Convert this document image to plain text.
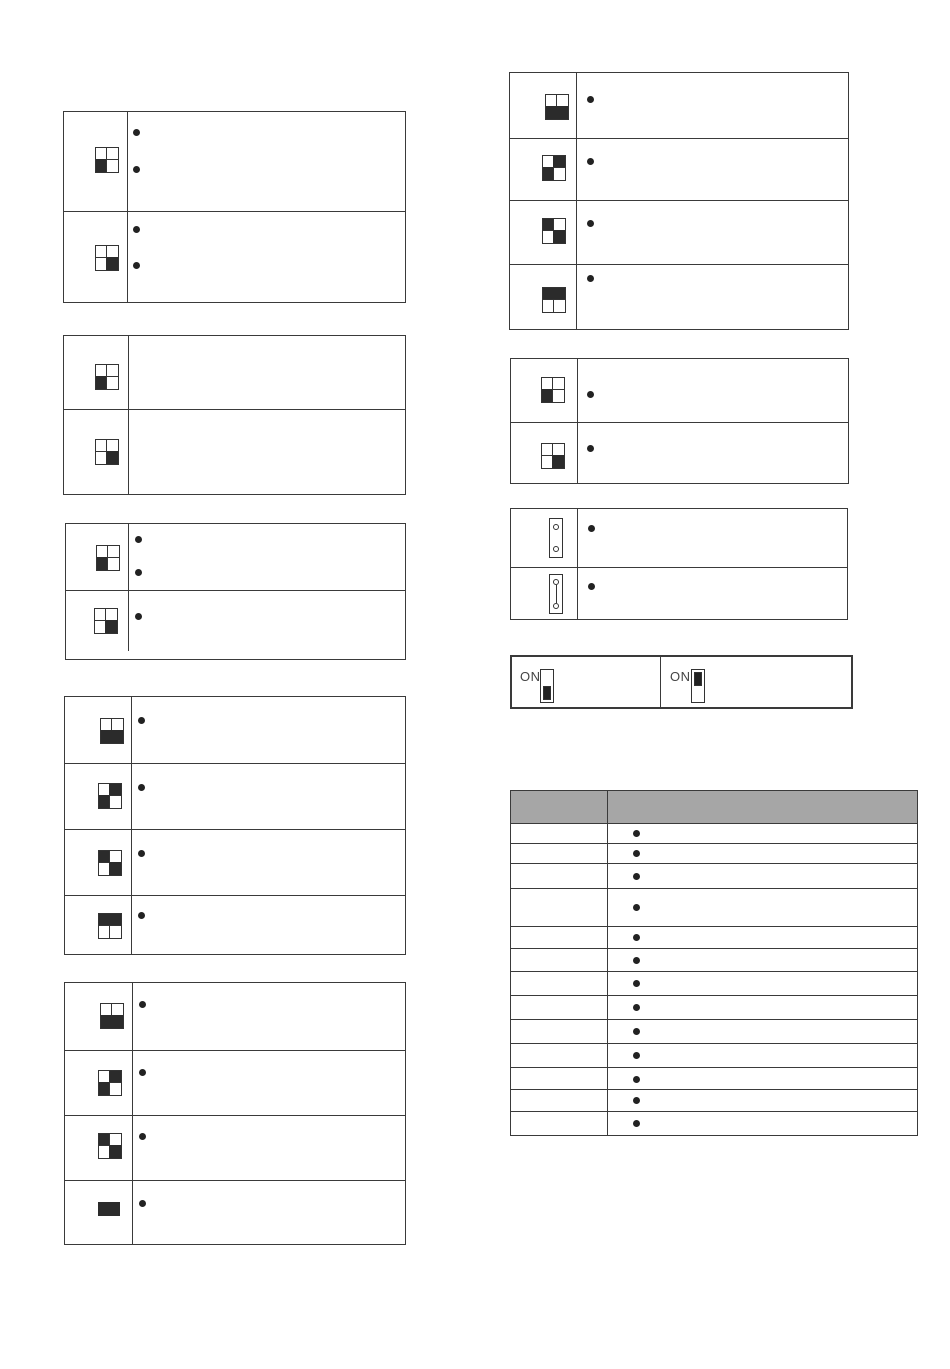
ON	ON
